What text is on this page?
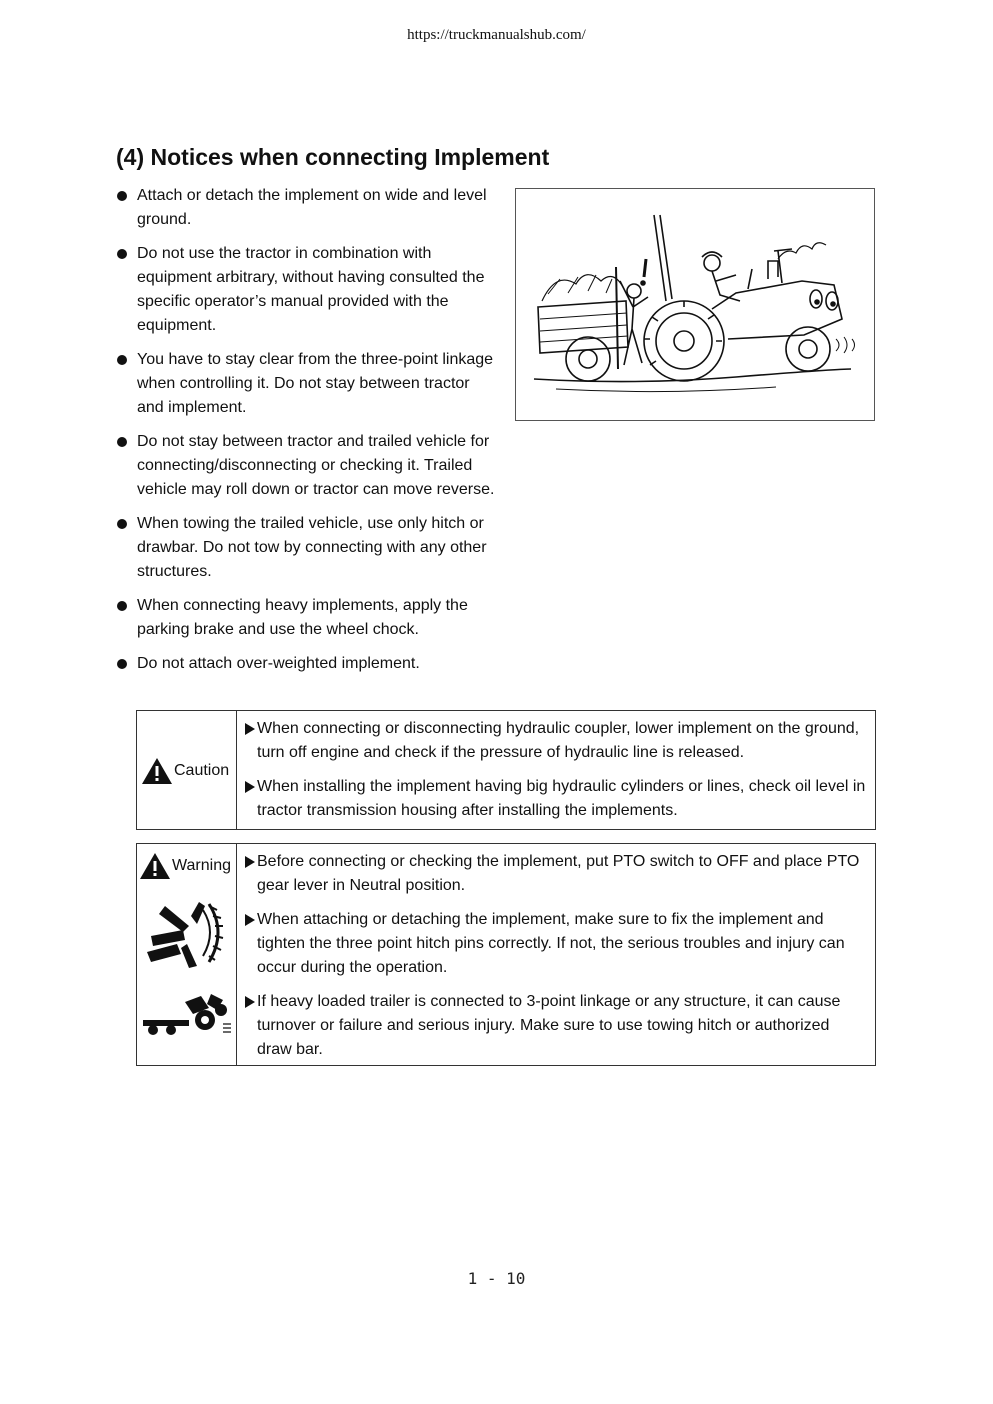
https://truckmanualshub.com/
(4) Notices when connecting Implement
Attach or detach the implement on wide and level ground.
Do not use the tractor in combination with equipment arbitrary, without having consulted the specific operator’s manual provided with the equipment.
You have to stay clear from the three-point linkage when controlling it. Do not stay between tractor and implement.
Do not stay between tractor and trailed vehicle for connecting/disconnecting or checking it. Trailed vehicle may roll down or tractor can move reverse.
When towing the trailed vehicle, use only hitch or drawbar. Do not tow by connecting with any other structures.
When connecting heavy implements, apply the parking brake and use the wheel chock.
Do not attach over-weighted implement.
Caution
When connecting or disconnecting hydraulic coupler, lower implement on the ground, turn off engine and check if the pressure of hydraulic line is released.
When installing the implement having big hydraulic cylinders or lines, check oil level in tractor transmission housing after installing the implements.
Warning	Before connecting or checking the implement, put PTO switch to OFF and place PTO gear lever in Neutral position.
When attaching or detaching the implement, make sure to fix the implement and tighten the three point hitch pins correctly. If not, the serious troubles and injury can occur during the operation.
If heavy loaded trailer is connected to 3-point linkage or any structure, it can cause turnover or failure and serious injury. Make sure to use towing hitch or authorized draw bar.
1 - 10
